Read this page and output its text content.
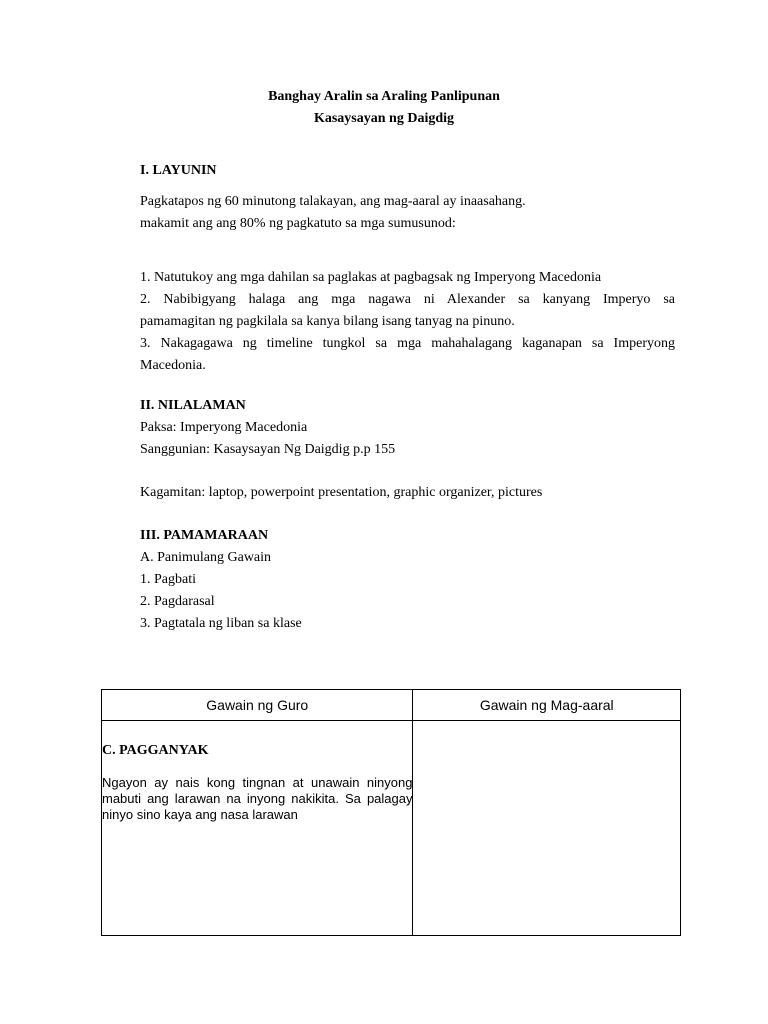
Banghay Aralin sa Araling Panlipunan
Kasaysayan ng Daigdig
I. LAYUNIN
Pagkatapos ng 60 minutong talakayan, ang mag-aaral ay inaasahang.
makamit ang ang 80% ng pagkatuto sa mga sumusunod:
1. Natutukoy ang mga dahilan sa paglakas at pagbagsak ng Imperyong Macedonia
2. Nabibigyang halaga ang mga nagawa ni Alexander sa kanyang Imperyo sa
pamamagitan ng pagkilala sa kanya bilang isang tanyag na pinuno.
3. Nakagagawa ng timeline tungkol sa mga mahahalagang kaganapan sa Imperyong
Macedonia.
II. NILALAMAN
Paksa: Imperyong Macedonia
Sanggunian: Kasaysayan Ng Daigdig p.p 155
Kagamitan: laptop, powerpoint presentation, graphic organizer, pictures
III. PAMAMARAAN
A. Panimulang Gawain
1. Pagbati
2. Pagdarasal
3. Pagtatala ng liban sa klase
Gawain ng Guro	Gawain ng Mag-aaral

C. PAGGANYAK
Ngayon ay nais kong tingnan at unawain ninyong mabuti ang larawan na inyong nakikita. Sa palagay ninyo sino kaya ang nasa larawan	
